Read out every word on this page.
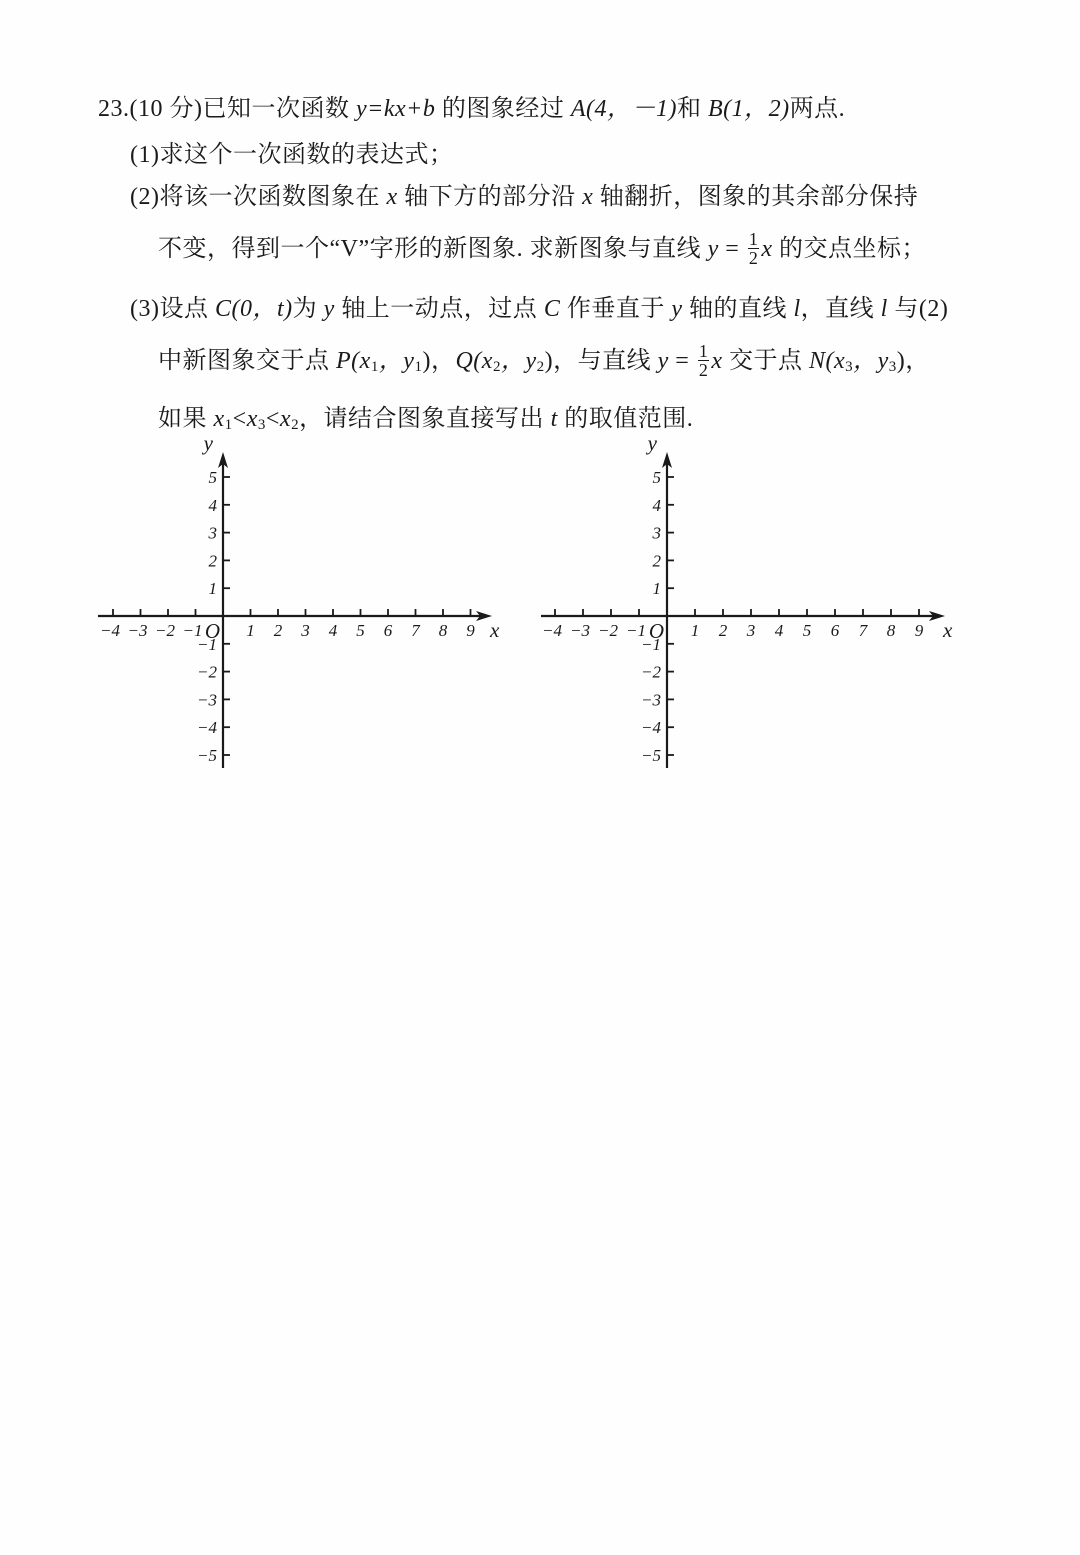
23.(10 分)已知一次函数 y=kx+b 的图象经过 A(4，－1)和 B(1，2)两点.
(1)求这个一次函数的表达式；
(2)将该一次函数图象在 x 轴下方的部分沿 x 轴翻折，图象的其余部分保持
不变，得到一个“V”字形的新图象. 求新图象与直线 $y = \frac{1}{2}$ x 的交点坐标；
(3)设点 C(0，t)为 y 轴上一动点，过点 C 作垂直于 y 轴的直线 l，直线 l 与(2)
中新图象交于点 $P(x_1$，$y_1$)，$Q(x_2$，$y_2$)，与直线 $y = \frac{1}{2}$ x 交于点 $N(x_3$，$y_3$)，
如果 $x_1<x_3<x_2$，请结合图象直接写出 t 的取值范围.
−4 −3 −2 −1	1 2 3 4 5 6 7 8 9
5
4
3
2
1
−1
−2
−3
−4
−5
O	x
y
−4 −3 −2 −1	1 2 3 4 5 6 7 8 9
5
4
3
2
1
−1
−2
−3
−4
−5
O	x
y
